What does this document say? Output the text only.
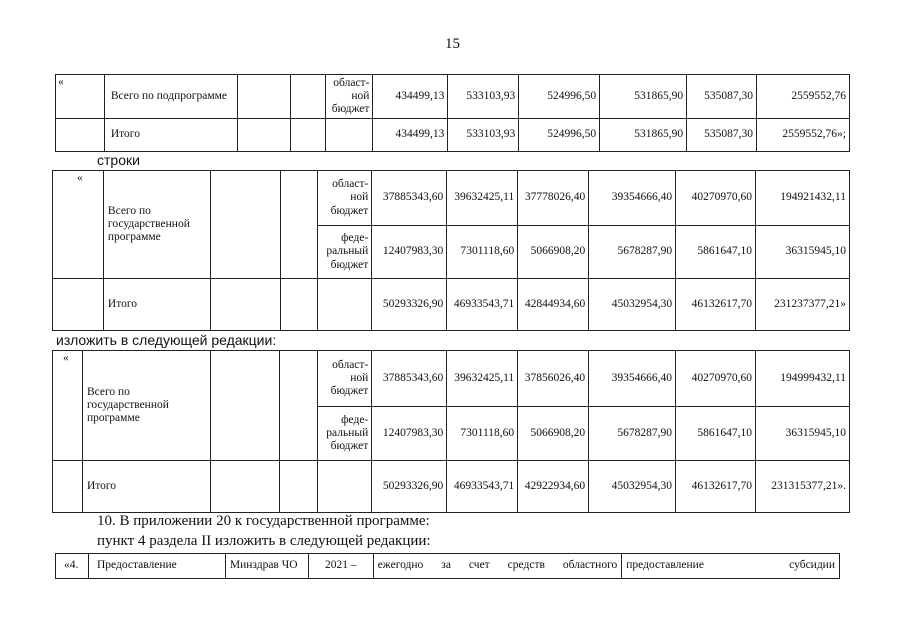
15
«	Всего по подпрограмме			област-ной бюджет	434499,13	533103,93	524996,50	531865,90	535087,30	2559552,76
	Итого				434499,13	533103,93	524996,50	531865,90	535087,30	2559552,76»;
строки
«	Всего по государственной программе			област-ной бюджет	37885343,60	39632425,11	37778026,40	39354666,40	40270970,60	194921432,11
				феде-ральный бюджет	12407983,30	7301118,60	5066908,20	5678287,90	5861647,10	36315945,10
	Итого				50293326,90	46933543,71	42844934,60	45032954,30	46132617,70	231237377,21»
изложить в следующей редакции:
«	Всего по государственной программе			област-ной бюджет	37885343,60	39632425,11	37856026,40	39354666,40	40270970,60	194999432,11
				феде-ральный бюджет	12407983,30	7301118,60	5066908,20	5678287,90	5861647,10	36315945,10
	Итого				50293326,90	46933543,71	42922934,60	45032954,30	46132617,70	231315377,21».
10. В приложении 20 к государственной программе:
пункт 4 раздела II изложить в следующей редакции:
«4.	Предоставление	Минздрав ЧО	2021 –	ежегодно за счет средств областного	предоставление субсидии
